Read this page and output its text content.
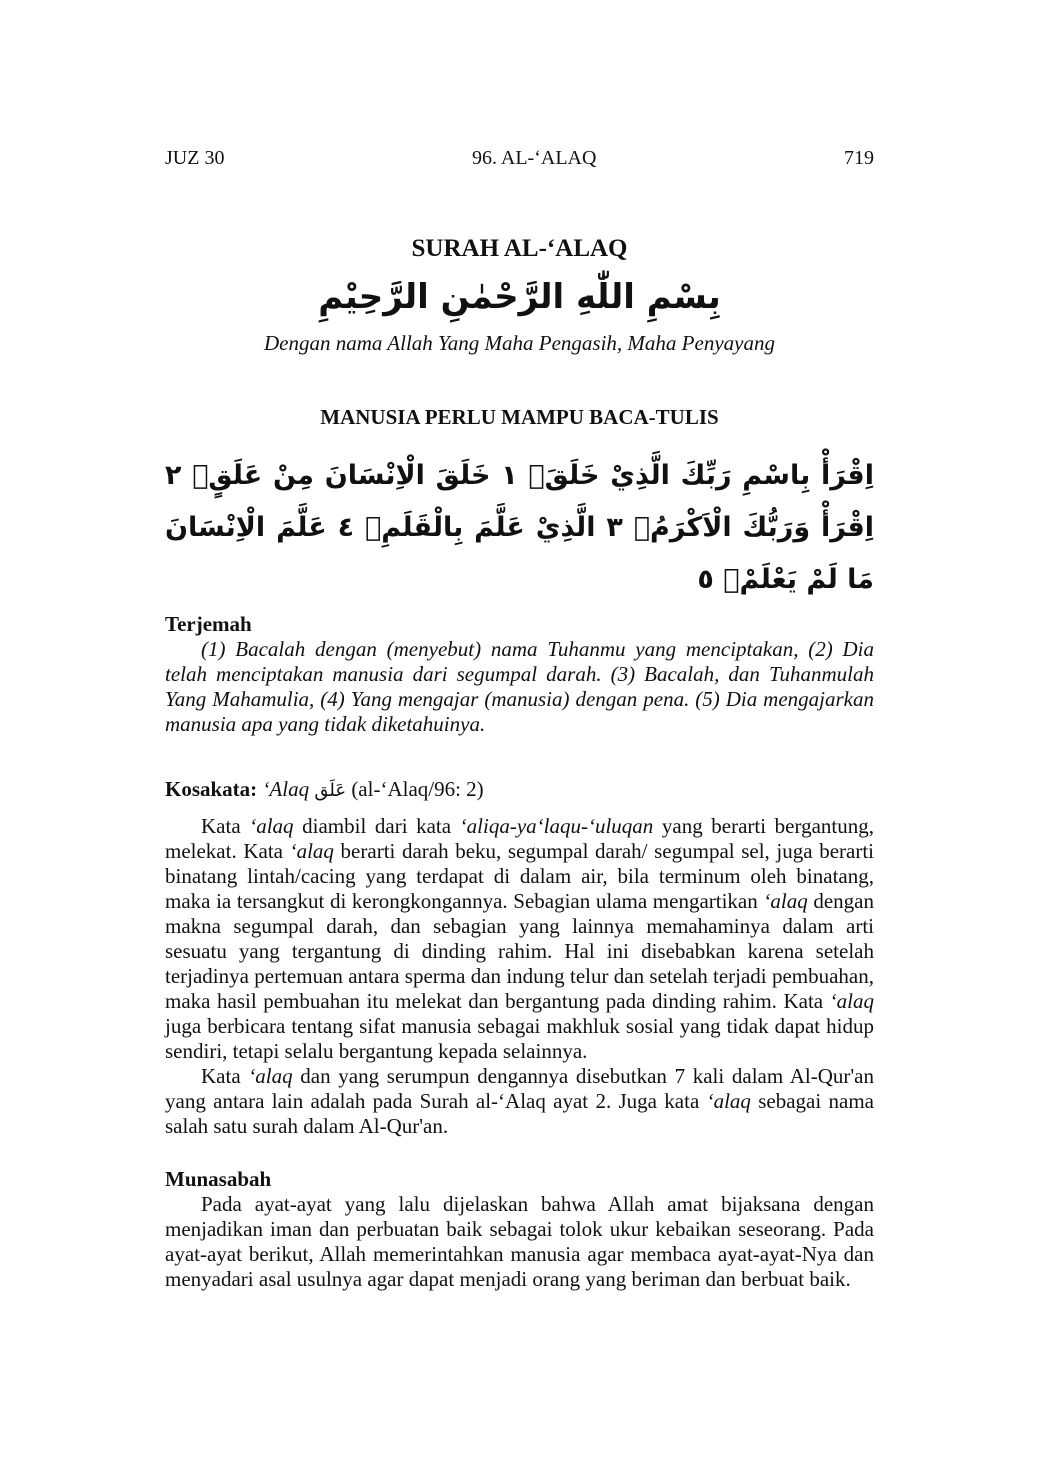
JUZ 30	96. AL-‘ALAQ	719
SURAH AL-‘ALAQ
بِسْمِ اللّٰهِ الرَّحْمٰنِ الرَّحِيْمِ
Dengan nama Allah Yang Maha Pengasih, Maha Penyayang
MANUSIA PERLU MAMPU BACA-TULIS
اِقْرَأْ بِاسْمِ رَبِّكَ الَّذِيْ خَلَقَۚ ١ خَلَقَ الْاِنْسَانَ مِنْ عَلَقٍۚ ٢ اِقْرَأْ وَرَبُّكَ الْاَكْرَمُۙ ٣ الَّذِيْ عَلَّمَ بِالْقَلَمِۙ ٤ عَلَّمَ الْاِنْسَانَ مَا لَمْ يَعْلَمْۗ ٥
Terjemah

(1) Bacalah dengan (menyebut) nama Tuhanmu yang menciptakan, (2) Dia telah menciptakan manusia dari segumpal darah. (3) Bacalah, dan Tuhanmulah Yang Mahamulia, (4) Yang mengajar (manusia) dengan pena. (5) Dia mengajarkan manusia apa yang tidak diketahuinya.

Kosakata: ‘Alaq عَلَق (al-‘Alaq/96: 2)

Kata ‘alaq diambil dari kata ‘aliqa-ya‘laqu-‘uluqan yang berarti bergantung, melekat. Kata ‘alaq berarti darah beku, segumpal darah/ segumpal sel, juga berarti binatang lintah/cacing yang terdapat di dalam air, bila terminum oleh binatang, maka ia tersangkut di kerongkongannya. Sebagian ulama mengartikan ‘alaq dengan makna segumpal darah, dan sebagian yang lainnya memahaminya dalam arti sesuatu yang tergantung di dinding rahim. Hal ini disebabkan karena setelah terjadinya pertemuan antara sperma dan indung telur dan setelah terjadi pembuahan, maka hasil pembuahan itu melekat dan bergantung pada dinding rahim. Kata ‘alaq juga berbicara tentang sifat manusia sebagai makhluk sosial yang tidak dapat hidup sendiri, tetapi selalu bergantung kepada selainnya.

Kata ‘alaq dan yang serumpun dengannya disebutkan 7 kali dalam Al-Qur'an yang antara lain adalah pada Surah al-‘Alaq ayat 2. Juga kata ‘alaq sebagai nama salah satu surah dalam Al-Qur'an.

Munasabah

Pada ayat-ayat yang lalu dijelaskan bahwa Allah amat bijaksana dengan menjadikan iman dan perbuatan baik sebagai tolok ukur kebaikan seseorang. Pada ayat-ayat berikut, Allah memerintahkan manusia agar membaca ayat-ayat-Nya dan menyadari asal usulnya agar dapat menjadi orang yang beriman dan berbuat baik.
